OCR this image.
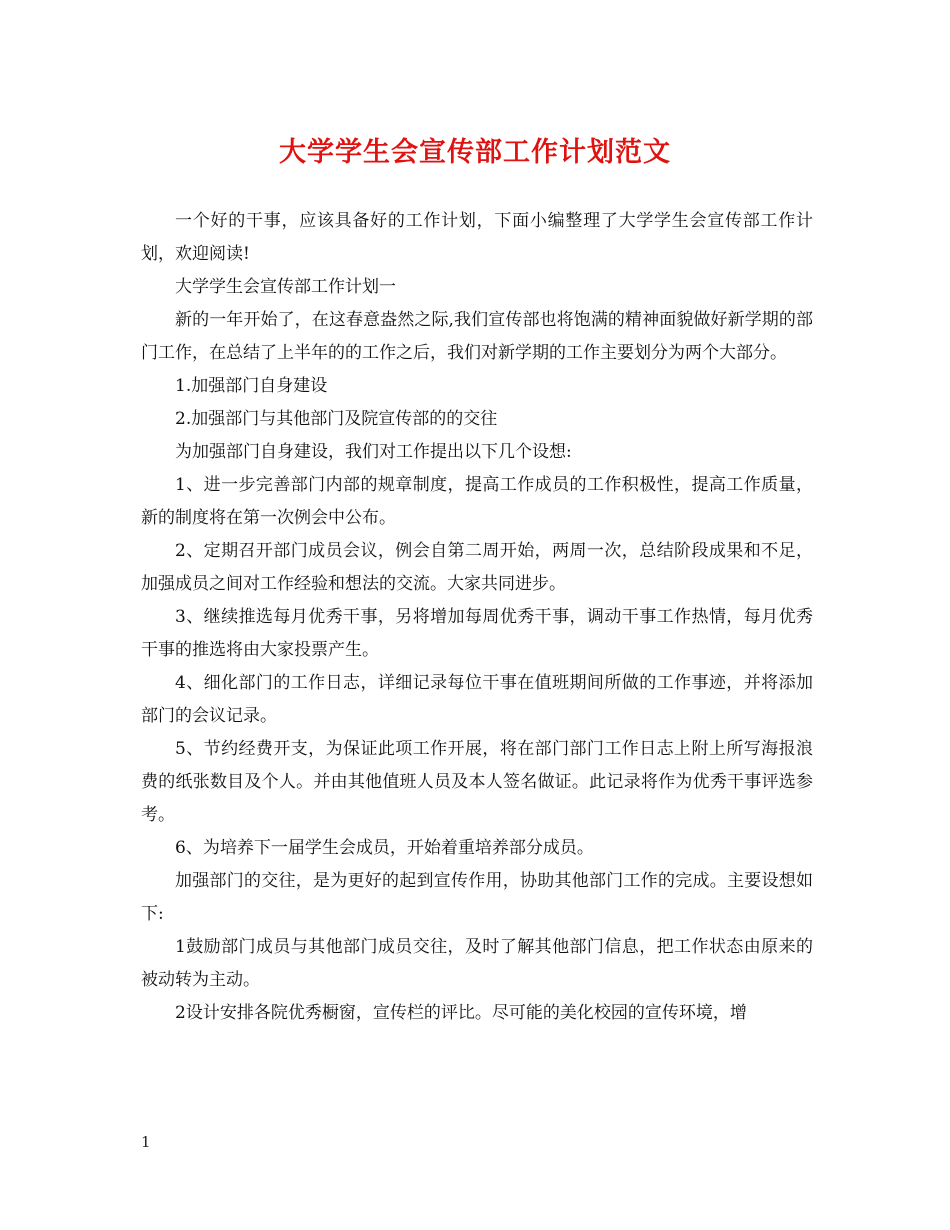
大学学生会宣传部工作计划范文

一个好的干事，应该具备好的工作计划，下面小编整理了大学学生会宣传部工作计划，欢迎阅读!

大学学生会宣传部工作计划一

新的一年开始了，在这春意盎然之际,我们宣传部也将饱满的精神面貌做好新学期的部门工作，在总结了上半年的的工作之后，我们对新学期的工作主要划分为两个大部分。

1.加强部门自身建设

2.加强部门与其他部门及院宣传部的的交往

为加强部门自身建设，我们对工作提出以下几个设想:

1、进一步完善部门内部的规章制度，提高工作成员的工作积极性，提高工作质量，新的制度将在第一次例会中公布。

2、定期召开部门成员会议，例会自第二周开始，两周一次，总结阶段成果和不足，加强成员之间对工作经验和想法的交流。大家共同进步。

3、继续推选每月优秀干事，另将增加每周优秀干事，调动干事工作热情，每月优秀干事的推选将由大家投票产生。

4、细化部门的工作日志，详细记录每位干事在值班期间所做的工作事迹，并将添加部门的会议记录。

5、节约经费开支，为保证此项工作开展，将在部门部门工作日志上附上所写海报浪费的纸张数目及个人。并由其他值班人员及本人签名做证。此记录将作为优秀干事评选参考。

6、为培养下一届学生会成员，开始着重培养部分成员。

加强部门的交往，是为更好的起到宣传作用，协助其他部门工作的完成。主要设想如下:

1鼓励部门成员与其他部门成员交往，及时了解其他部门信息，把工作状态由原来的被动转为主动。

2设计安排各院优秀橱窗，宣传栏的评比。尽可能的美化校园的宣传环境，增

1
